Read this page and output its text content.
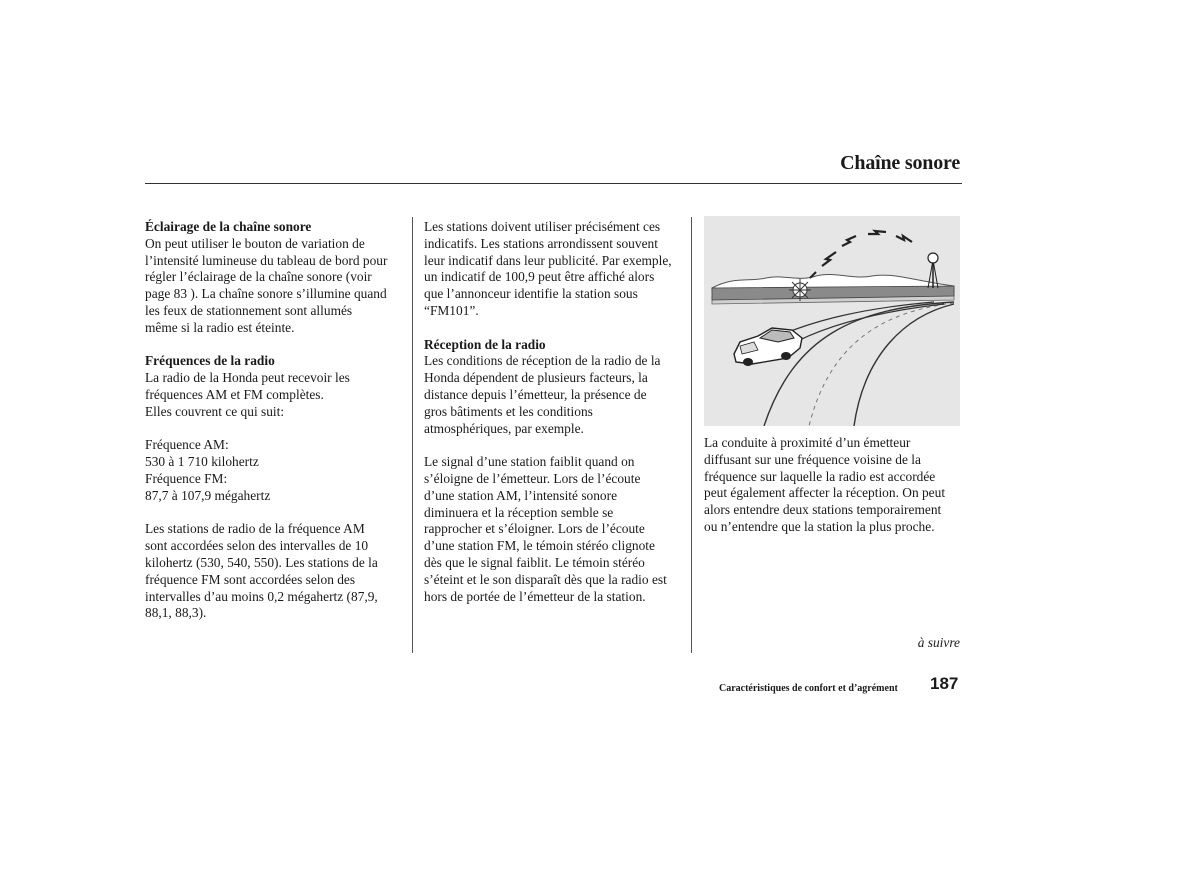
Chaîne sonore
Éclairage de la chaîne sonore

On peut utiliser le bouton de variation de
l’intensité lumineuse du tableau de bord pour
régler l’éclairage de la chaîne sonore (voir
page 83 ). La chaîne sonore s’illumine quand
les feux de stationnement sont allumés
même si la radio est éteinte.

Fréquences de la radio

La radio de la Honda peut recevoir les
fréquences AM et FM complètes.
Elles couvrent ce qui suit:

Fréquence AM:
530 à 1 710 kilohertz
Fréquence FM:
87,7 à 107,9 mégahertz

Les stations de radio de la fréquence AM
sont accordées selon des intervalles de 10
kilohertz (530, 540, 550). Les stations de la
fréquence FM sont accordées selon des
intervalles d’au moins 0,2 mégahertz (87,9,
88,1, 88,3).

Les stations doivent utiliser précisément ces
indicatifs. Les stations arrondissent souvent
leur indicatif dans leur publicité. Par exemple,
un indicatif de 100,9 peut être affiché alors
que l’annonceur identifie la station sous
“FM101”.

Réception de la radio

Les conditions de réception de la radio de la
Honda dépendent de plusieurs facteurs, la
distance depuis l’émetteur, la présence de
gros bâtiments et les conditions
atmosphériques, par exemple.

Le signal d’une station faiblit quand on
s’éloigne de l’émetteur. Lors de l’écoute
d’une station AM, l’intensité sonore
diminuera et la réception semble se
rapprocher et s’éloigner. Lors de l’écoute
d’une station FM, le témoin stéréo clignote
dès que le signal faiblit. Le témoin stéréo
s’éteint et le son disparaît dès que la radio est
hors de portée de l’émetteur de la station.

La conduite à proximité d’un émetteur
diffusant sur une fréquence voisine de la
fréquence sur laquelle la radio est accordée
peut également affecter la réception. On peut
alors entendre deux stations temporairement
ou n’entendre que la station la plus proche.

à suivre
Caractéristiques de confort et d’agrément 187
